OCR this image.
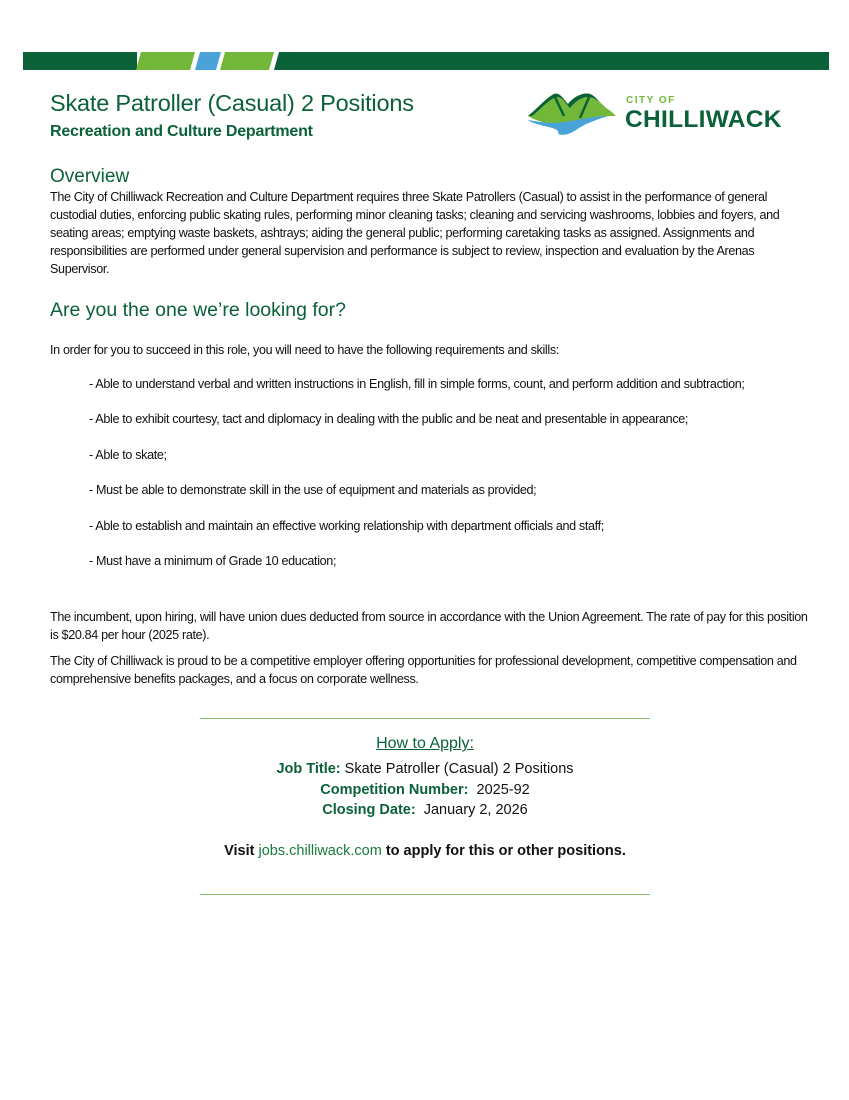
CITY OF
CHILLIWACK
Skate Patroller (Casual) 2 Positions
Recreation and Culture Department
Overview

The City of Chilliwack Recreation and Culture Department requires three Skate Patrollers (Casual) to assist in the performance of general custodial duties, enforcing public skating rules, performing minor cleaning tasks; cleaning and servicing washrooms, lobbies and foyers, and seating areas; emptying waste baskets, ashtrays; aiding the general public; performing caretaking tasks as assigned. Assignments and responsibilities are performed under general supervision and performance is subject to review, inspection and evaluation by the Arenas Supervisor.

Are you the one we’re looking for?

In order for you to succeed in this role, you will need to have the following requirements and skills:

- Able to understand verbal and written instructions in English, fill in simple forms, count, and perform addition and subtraction;
- Able to exhibit courtesy, tact and diplomacy in dealing with the public and be neat and presentable in appearance;
- Able to skate;
- Must be able to demonstrate skill in the use of equipment and materials as provided;
- Able to establish and maintain an effective working relationship with department officials and staff;
- Must have a minimum of Grade 10 education;

The incumbent, upon hiring, will have union dues deducted from source in accordance with the Union Agreement. The rate of pay for this position is $20.84 per hour (2025 rate).

The City of Chilliwack is proud to be a competitive employer offering opportunities for professional development, competitive compensation and comprehensive benefits packages, and a focus on corporate wellness.

How to Apply:
Job Title: Skate Patroller (Casual) 2 Positions
Competition Number:  2025-92
Closing Date:  January 2, 2026
Visit jobs.chilliwack.com to apply for this or other positions.
